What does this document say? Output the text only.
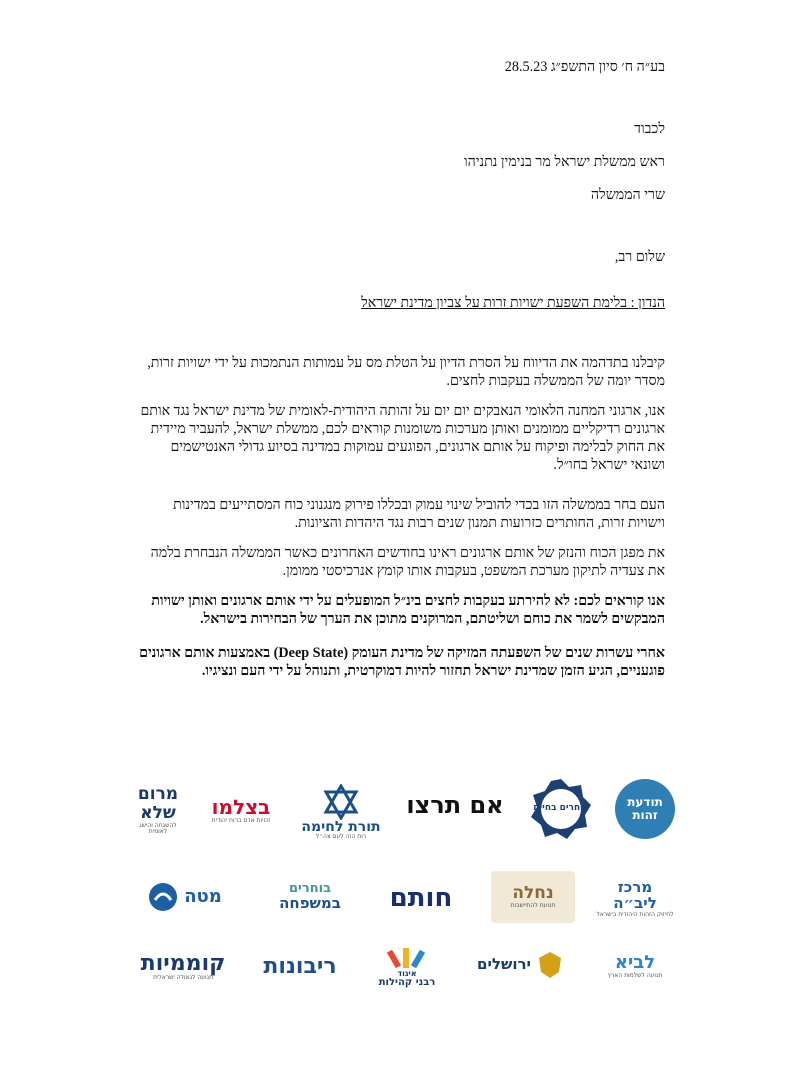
בע״ה ח׳ סיון התשפ״ג 28.5.23

לכבוד

ראש ממשלת ישראל מר בנימין נתניהו

שרי הממשלה

שלום רב,

הנדון : בלימת השפעת ישויות זרות על צביון מדינת ישראל

קיבלנו בתדהמה את הדיווח על הסרת הדיון על הטלת מס על עמותות הנתמכות על ידי ישויות זרות, מסדר יומה של הממשלה בעקבות לחצים.

אנו, ארגוני המחנה הלאומי הנאבקים יום יום על זהותה היהודית-לאומית של מדינת ישראל נגד אותם ארגונים רדיקליים ממומנים ואותן מערכות משומנות קוראים לכם, ממשלת ישראל, להעביר מיידית את החוק לבלימה ופיקוח על אותם ארגונים, הפוגעים עמוקות במדינה בסיוע גדולי האנטישמים ושונאי ישראל בחו״ל.

העם בחר בממשלה הזו בכדי להוביל שינוי עמוק ובכללו פירוק מנגנוני כוח המסתייעים במדינות וישויות זרות, החותרים כזרועות תמנון שנים רבות נגד היהדות והציונות.

את מפגן הכוח והנזק של אותם ארגונים ראינו בחודשים האחרונים כאשר הממשלה הנבחרת בלמה את צעדיה לתיקון מערכת המשפט, בעקבות אותו קומץ אנרכיסטי ממומן.

אנו קוראים לכם: לא להירתע בעקבות לחצים בינ״ל המופעלים על ידי אותם ארגונים ואותן ישויות המבקשים לשמר את כוחם ושליטתם, המרוקנים מתוכן את הערך של הבחירות בישראל.

אחרי עשרות שנים של השפעתה המזיקה של מדינת העומק (Deep State) באמצעות אותם ארגונים פוגעניים, הגיע הזמן שמדינת ישראל תחזור להיות דמוקרטית, ותנוהל על ידי העם ונציגיו.

תודעת זהות
בוחרים בחיים
אם תרצו
תורת לחימה
רוח הזה לעם צה״ל
בצלמו
זכויות אדם ברוח יהודית
מרום שלא
להשגחה והישג לאומית
מרכז ליב״ה
לחיזוק הזהות היהודית בישראל
נחלה
תנועת להתיישבות
חותם
בוחרים
במשפחה
מטה
לביא
תנועה לשלמות הארץ
ירושלים
איגוד
רבני קהילות
ריבונות
קוממיות
תנועה לגאולה ישראלית
